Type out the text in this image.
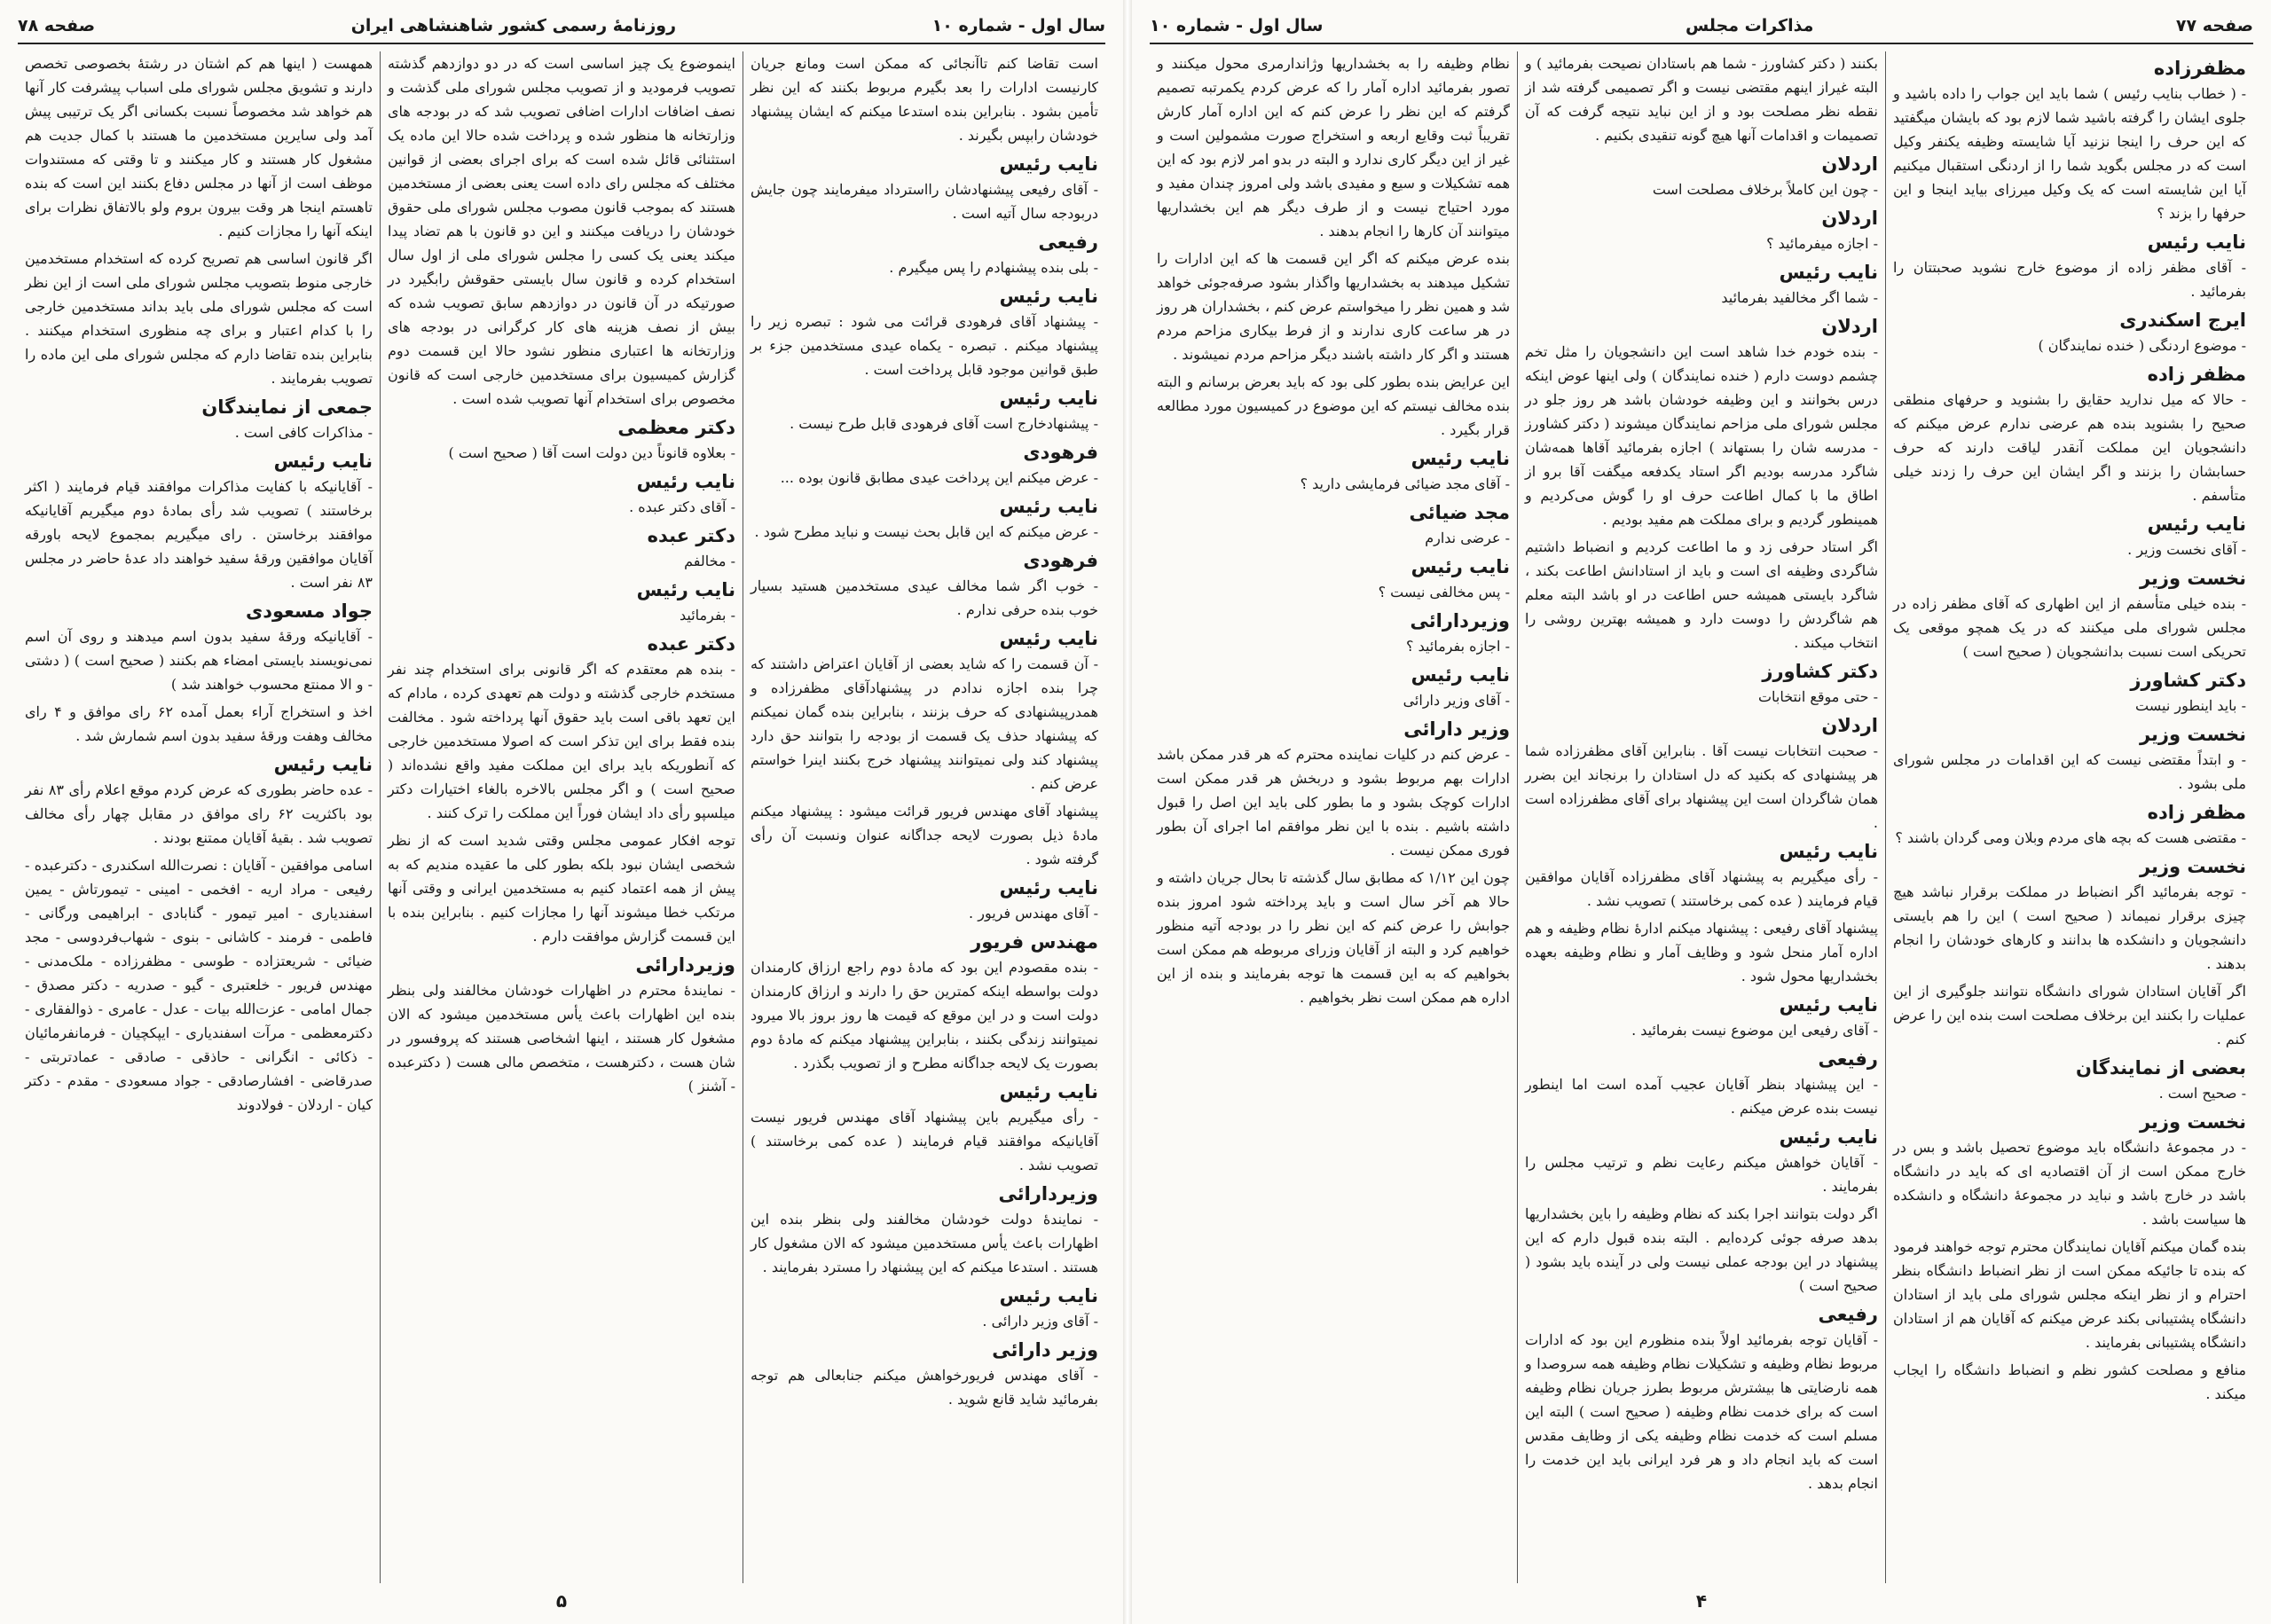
سال اول - شماره ۱۰
روزنامهٔ رسمی کشور شاهنشاهی ایران
صفحه ۷۸

است تقاضا کنم تاآنجائی که ممکن است ومانع جریان کارنیست ادارات را بعد بگیرم مربوط بکنند که این نظر تأمین بشود . بنابراین بنده استدعا میکنم که ایشان پیشنهاد خودشان رابپس بگیرند .

نایب رئیس
- آقای رفیعی پیشنهادشان رااسترداد میفرمایند چون جایش دربودجه سال آتیه است .

رفیعی
- بلی بنده پیشنهادم را پس میگیرم .

نایب رئیس
- پیشنهاد آقای فرهودی قرائت می شود : تبصره زیر را پیشنهاد میکنم . تبصره - یکماه عیدی مستخدمین جزء بر طبق قوانین موجود قابل پرداخت است .

نایب رئیس
- پیشنهادخارج است آقای فرهودی قابل طرح نیست .

فرهودی
- عرض میکنم این پرداخت عیدی مطابق قانون بوده ...

نایب رئیس
- عرض میکنم که این قابل بحث نیست و نباید مطرح شود .

فرهودی
- خوب اگر شما مخالف عیدی مستخدمین هستید بسیار خوب بنده حرفی ندارم .

نایب رئیس
- آن قسمت را که شاید بعضی از آقایان اعتراض داشتند که چرا بنده اجازه ندادم در پیشنهادآقای مظفرزاده و همدرپیشنهادی که حرف بزنند ، بنابراین بنده گمان نمیکنم که پیشنهاد حذف یک قسمت از بودجه را بتوانند حق دارد پیشنهاد کند ولی نمیتوانند پیشنهاد خرج بکنند اینرا خواستم عرض کنم .

پیشنهاد آقای مهندس فریور قرائت میشود : پیشنهاد میکنم مادهٔ ذیل بصورت لایحه جداگانه عنوان ونسبت آن رأی گرفته شود .

نایب رئیس
- آقای مهندس فریور .

مهندس فریور
- بنده مقصودم این بود که مادهٔ دوم راجع ارزاق کارمندان دولت بواسطه اینکه کمترین حق را دارند و ارزاق کارمندان دولت است و در این موقع که قیمت ها روز بروز بالا میرود نمیتوانند زندگی بکنند ، بنابراین پیشنهاد میکنم که مادهٔ دوم بصورت یک لایحه جداگانه مطرح و از تصویب بگذرد .

نایب رئیس
- رأی میگیریم باین پیشنهاد آقای مهندس فریور نیست آقایانیکه موافقند قیام فرمایند ( عده کمی برخاستند ) تصویب نشد .

وزیردارائی
- نمایندهٔ دولت خودشان مخالفند ولی بنظر بنده این اظهارات باعث یأس مستخدمین میشود که الان مشغول کار هستند . استدعا میکنم که این پیشنهاد را مسترد بفرمایند .

نایب رئیس
- آقای وزیر دارائی .

وزیر دارائی
- آقای مهندس فریورخواهش میکنم جنابعالی هم توجه بفرمائید شاید قانع شوید .

اینموضوع یک چیز اساسی است که در دو دوازدهم گذشته تصویب فرمودید و از تصویب مجلس شورای ملی گذشت و نصف اضافات ادارات اضافی تصویب شد که در بودجه های وزارتخانه ها منظور شده و پرداخت شده حالا این ماده یک استثنائی قائل شده است که برای اجرای بعضی از قوانین مختلف که مجلس رای داده است یعنی بعضی از مستخدمین هستند که بموجب قانون مصوب مجلس شورای ملی حقوق خودشان را دریافت میکنند و این دو قانون با هم تضاد پیدا میکند یعنی یک کسی را مجلس شورای ملی از اول سال استخدام کرده و قانون سال بایستی حقوقش رابگیرد در صورتیکه در آن قانون در دوازدهم سابق تصویب شده که بیش از نصف هزینه های کار کرگرانی در بودجه های وزارتخانه ها اعتباری منظور نشود حالا این قسمت دوم گزارش کمیسیون برای مستخدمین خارجی است که قانون مخصوص برای استخدام آنها تصویب شده است .

دکتر معظمی
- بعلاوه قانوناً دین دولت است آقا ( صحیح است )

نایب رئیس
- آقای دکتر عبده .

دکتر عبده
- مخالفم

نایب رئیس
- بفرمائید

دکتر عبده
- بنده هم معتقدم که اگر قانونی برای استخدام چند نفر مستخدم خارجی گذشته و دولت هم تعهدی کرده ، مادام که این تعهد باقی است باید حقوق آنها پرداخته شود . مخالفت بنده فقط برای این تذکر است که اصولا مستخدمین خارجی که آنطوریکه باید برای این مملکت مفید واقع نشده‌اند ( صحیح است ) و اگر مجلس بالاخره بالغاء اختیارات دکتر میلسپو رأی داد ایشان فوراً این مملکت را ترک کنند .

توجه افکار عمومی مجلس وقتی شدید است که از نظر شخصی ایشان نبود بلکه بطور کلی ما عقیده مندیم که به پیش از همه اعتماد کنیم به مستخدمین ایرانی و وقتی آنها مرتکب خطا میشوند آنها را مجازات کنیم . بنابراین بنده با این قسمت گزارش موافقت دارم .

وزیردارائی
- نمایندهٔ محترم در اظهارات خودشان مخالفند ولی بنظر بنده این اظهارات باعث یأس مستخدمین میشود که الان مشغول کار هستند ، اینها اشخاصی هستند که پروفسور در شان هست ، دکترهست ، متخصص مالی هست ( دکترعبده - آشنز )

همهست ( اینها هم کم اشتان در رشتهٔ بخصوصی تخصص دارند و تشویق مجلس شورای ملی اسباب پیشرفت کار آنها هم خواهد شد مخصوصاً نسبت بکسانی اگر یک ترتیبی پیش آمد ولی سایرین مستخدمین ما هستند با کمال جدیت هم مشغول کار هستند و کار میکنند و تا وقتی که مستندوات موظف است از آنها در مجلس دفاع بکنند این است که بنده تاهستم اینجا هر وقت بیرون بروم ولو بالاتفاق نظرات برای اینکه آنها را مجازات کنیم .

اگر قانون اساسی هم تصریح کرده که استخدام مستخدمین خارجی منوط بتصویب مجلس شورای ملی است از این نظر است که مجلس شورای ملی باید بداند مستخدمین خارجی را با کدام اعتبار و برای چه منظوری استخدام میکنند . بنابراین بنده تقاضا دارم که مجلس شورای ملی این ماده را تصویب بفرمایند .

جمعی از نمایندگان
- مذاکرات کافی است .

نایب رئیس
- آقایانیکه با کفایت مذاکرات موافقند قیام فرمایند ( اکثر برخاستند ) تصویب شد رأی بمادهٔ دوم میگیریم آقایانیکه موافقند برخاستن . رای میگیریم بمجموع لایحه باورقه آقایان موافقین ورقهٔ سفید خواهند داد عدهٔ حاضر در مجلس ۸۳ نفر است .

جواد مسعودی
- آقایانیکه ورقهٔ سفید بدون اسم میدهند و روی آن اسم نمی‌نویسند بایستی امضاء هم بکنند ( صحیح است ) ( دشتی - و الا ممنتع محسوب خواهند شد )

اخذ و استخراج آراء بعمل آمده ۶۲ رای موافق و ۴ رای مخالف وهفت ورقهٔ سفید بدون اسم شمارش شد .

نایب رئیس
- عده حاضر بطوری که عرض کردم موقع اعلام رأی ۸۳ نفر بود باکثریت ۶۲ رای موافق در مقابل چهار رأی مخالف تصویب شد . بقیهٔ آقایان ممتنع بودند .

اسامی موافقین - آقایان : نصرت‌الله اسکندری - دکترعبده - رفیعی - مراد اریه - افخمی - امینی - تیمورتاش - یمین اسفندیاری - امیر تیمور - گنابادی - ابراهیمی ورگانی - فاطمی - فرمند - کاشانی - بنوی - شهاب‌فردوسی - مجد ضیائی - شریعتزاده - طوسی - مظفرزاده - ملک‌مدنی - مهندس فریور - خلعتبری - گیو - صدریه - دکتر مصدق - جمال امامی - عزت‌الله بیات - عدل - عامری - ذوالفقاری - دکترمعظمی - مرآت اسفندیاری - ایپکچیان - فرمانفرمائیان - ذکائی - انگرانی - حاذقی - صادقی - عمادتربتی - صدرقاضی - افشارصادقی - جواد مسعودی - مقدم - دکتر کیان - اردلان - فولادوند

۵
صفحه ۷۷
مذاکرات مجلس
سال اول - شماره ۱۰

مظفرزاده
- ( خطاب بنایب رئیس ) شما باید این جواب را داده باشید و جلوی ایشان را گرفته باشید شما لازم بود که بایشان میگفتید که این حرف را اینجا نزنید آیا شایسته وظیفه یکنفر وکیل است که در مجلس بگوید شما را از اردنگی استقبال میکنیم آیا این شایسته است که یک وکیل میرزای بیاید اینجا و این حرفها را بزند ؟

نایب رئیس
- آقای مظفر زاده از موضوع خارج نشوید صحبتتان را بفرمائید .

ایرج اسکندری
- موضوع اردنگی ( خنده نمایندگان )

مظفر زاده
- حالا که میل ندارید حقایق را بشنوید و حرفهای منطقی صحیح را بشنوید بنده هم عرضی ندارم عرض میکنم که دانشجویان این مملکت آنقدر لیاقت دارند که حرف حسابشان را بزنند و اگر ایشان این حرف را زدند خیلی متأسفم .

نایب رئیس
- آقای نخست وزیر .

نخست وزیر
- بنده خیلی متأسفم از این اظهاری که آقای مظفر زاده در مجلس شورای ملی میکنند که در یک همچو موقعی یک تحریکی است نسبت بدانشجویان ( صحیح است )

دکتر کشاورز
- باید اینطور نیست

نخست وزیر
- و ابتداً مقتضی نیست که این اقدامات در مجلس شورای ملی بشود .

مظفر زاده
- مقتضی هست که بچه های مردم وبلان ومی گردان باشند ؟

نخست وزیر
- توجه بفرمائید اگر انضباط در مملکت برقرار نباشد هیچ چیزی برقرار نمیماند ( صحیح است ) این را هم بایستی دانشجویان و دانشکده ها بدانند و کارهای خودشان را انجام بدهند .

اگر آقایان استادان شورای دانشگاه نتوانند جلوگیری از این عملیات را بکنند این برخلاف مصلحت است بنده این را عرض کنم .

بعضی از نمایندگان
- صحیح است .

نخست وزیر
- در مجموعهٔ دانشگاه باید موضوع تحصیل باشد و بس در خارج ممکن است از آن اقتصادیه ای که باید در دانشگاه باشد در خارج باشد و نباید در مجموعهٔ دانشگاه و دانشکده ها سیاست باشد .

بنده گمان میکنم آقایان نمایندگان محترم توجه خواهند فرمود که بنده تا جائیکه ممکن است از نظر انضباط دانشگاه بنظر احترام و از نظر اینکه مجلس شورای ملی باید از استادان دانشگاه پشتیبانی بکند عرض میکنم که آقایان هم از استادان دانشگاه پشتیبانی بفرمایند .

منافع و مصلحت کشور نظم و انضباط دانشگاه را ایجاب میکند .

بکنند ( دکتر کشاورز - شما هم باستادان نصیحت بفرمائید ) و البته غیراز اینهم مقتضی نیست و اگر تصمیمی گرفته شد از نقطه نظر مصلحت بود و از این نباید نتیجه گرفت که آن تصمیمات و اقدامات آنها هیچ گونه تنقیدی بکنیم .

اردلان
- چون این کاملاً برخلاف مصلحت است

اردلان
- اجازه میفرمائید ؟

نایب رئیس
- شما اگر مخالفید بفرمائید

اردلان
- بنده خودم خدا شاهد است این دانشجویان را مثل تخم چشمم دوست دارم ( خنده نمایندگان ) ولی اینها عوض اینکه درس بخوانند و این وظیفه خودشان باشد هر روز جلو در مجلس شورای ملی مزاحم نمایندگان میشوند ( دکتر کشاورز - مدرسه شان را بستهاند ) اجازه بفرمائید آقاها همه‌شان شاگرد مدرسه بودیم اگر استاد یکدفعه میگفت آقا برو از اطاق ما با کمال اطاعت حرف او را گوش می‌کردیم و همینطور گردیم و برای مملکت هم مفید بودیم .

اگر استاد حرفی زد و ما اطاعت کردیم و انضباط داشتیم شاگردی وظیفه ای است و باید از استادانش اطاعت بکند ، شاگرد بایستی همیشه حس اطاعت در او باشد البته معلم هم شاگردش را دوست دارد و همیشه بهترین روشی را انتخاب میکند .

دکتر کشاورز
- حتی موقع انتخابات

اردلان
- صحبت انتخابات نیست آقا . بنابراین آقای مظفرزاده شما هر پیشنهادی که بکنید که دل استادان را برنجاند این بضرر همان شاگردان است این پیشنهاد برای آقای مظفرزاده است .

نایب رئیس
- رأی میگیریم به پیشنهاد آقای مظفرزاده آقایان موافقین قیام فرمایند ( عده کمی برخاستند ) تصویب نشد .

پیشنهاد آقای رفیعی : پیشنهاد میکنم ادارهٔ نظام وظیفه و هم اداره آمار منحل شود و وظایف آمار و نظام وظیفه بعهده بخشداریها محول شود .

نایب رئیس
- آقای رفیعی این موضوع نیست بفرمائید .

رفیعی
- این پیشنهاد بنظر آقایان عجیب آمده است اما اینطور نیست بنده عرض میکنم .

نایب رئیس
- آقایان خواهش میکنم رعایت نظم و ترتیب مجلس را بفرمایند .

اگر دولت بتوانند اجرا بکند که نظام وظیفه را باین بخشداریها بدهد صرفه جوئی کرده‌ایم . البته بنده قبول دارم که این پیشنهاد در این بودجه عملی نیست ولی در آینده باید بشود ( صحیح است )

رفیعی
- آقایان توجه بفرمائید اولاً بنده منظورم این بود که ادارات مربوط نظام وظیفه و تشکیلات نظام وظیفه همه سروصدا و همه نارضایتی ها بیشترش مربوط بطرز جریان نظام وظیفه است که برای خدمت نظام وظیفه ( صحیح است ) البته این مسلم است که خدمت نظام وظیفه یکی از وظایف مقدس است که باید انجام داد و هر فرد ایرانی باید این خدمت را انجام بدهد .

نظام وظیفه را به بخشداریها وژاندارمری محول میکنند و تصور بفرمائید اداره آمار را که عرض کردم یکمرتبه تصمیم گرفتم که این نظر را عرض کنم که این اداره آمار کارش تقریباً ثبت وقایع اربعه و استخراج صورت مشمولین است و غیر از این دیگر کاری ندارد و البته در بدو امر لازم بود که این همه تشکیلات و سیع و مفیدی باشد ولی امروز چندان مفید و مورد احتیاج نیست و از طرف دیگر هم این بخشداریها میتوانند آن کارها را انجام بدهند .

بنده عرض میکنم که اگر این قسمت ها که این ادارات را تشکیل میدهند به بخشداریها واگذار بشود صرفه‌جوئی خواهد شد و همین نظر را میخواستم عرض کنم ، بخشداران هر روز در هر ساعت کاری ندارند و از فرط بیکاری مزاحم مردم هستند و اگر کار داشته باشند دیگر مزاحم مردم نمیشوند .

این عرایض بنده بطور کلی بود که باید بعرض برسانم و البته بنده مخالف نیستم که این موضوع در کمیسیون مورد مطالعه قرار بگیرد .

نایب رئیس
- آقای مجد ضیائی فرمایشی دارید ؟

مجد ضیائی
- عرضی ندارم

نایب رئیس
- پس مخالفی نیست ؟

وزیردارائی
- اجازه بفرمائید ؟

نایب رئیس
- آقای وزیر دارائی

وزیر دارائی
- عرض کنم در کلیات نماینده محترم که هر قدر ممکن باشد ادارات بهم مربوط بشود و دربخش هر قدر ممکن است ادارات کوچک بشود و ما بطور کلی باید این اصل را قبول داشته باشیم . بنده با این نظر موافقم اما اجرای آن بطور فوری ممکن نیست .

چون این ۱/۱۲ که مطابق سال گذشته تا بحال جریان داشته و حالا هم آخر سال است و باید پرداخته شود امروز بنده جوابش را عرض کنم که این نظر را در بودجه آتیه منظور خواهیم کرد و البته از آقایان وزرای مربوطه هم ممکن است بخواهیم که به این قسمت ها توجه بفرمایند و بنده از این اداره هم ممکن است نظر بخواهیم .

۴
